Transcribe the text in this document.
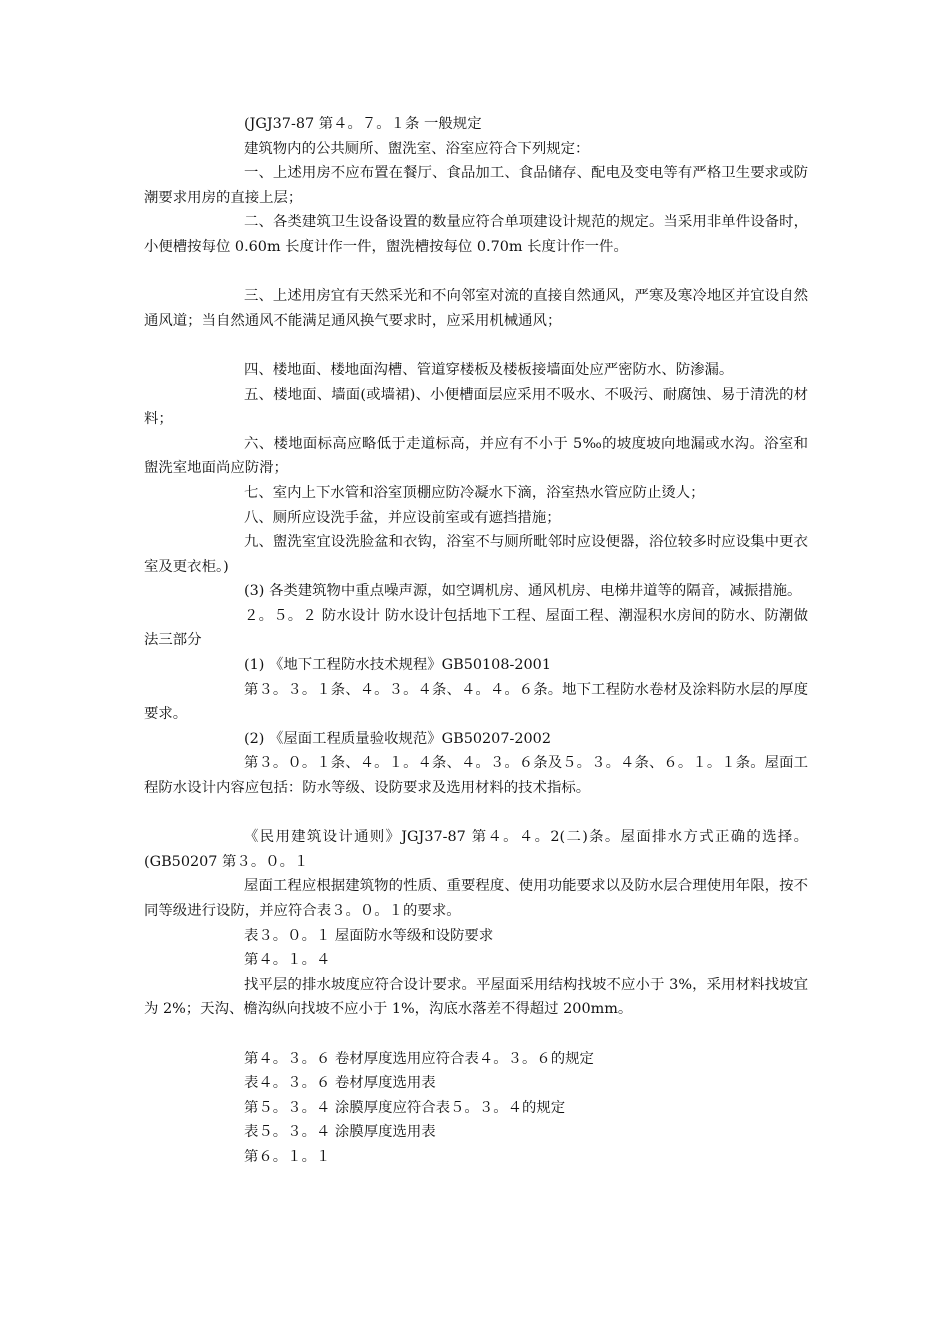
(JGJ37-87 第４。７。１条 一般规定

建筑物内的公共厕所、盥洗室、浴室应符合下列规定：

一、上述用房不应布置在餐厅、食品加工、食品储存、配电及变电等有严格卫生要求或防潮要求用房的直接上层；

二、各类建筑卫生设备设置的数量应符合单项建设计规范的规定。当采用非单件设备时，小便槽按每位 0.60m 长度计作一件，盥洗槽按每位 0.70m 长度计作一件。

三、上述用房宜有天然采光和不向邻室对流的直接自然通风，严寒及寒冷地区并宜设自然通风道；当自然通风不能满足通风换气要求时，应采用机械通风；

四、楼地面、楼地面沟槽、管道穿楼板及楼板接墙面处应严密防水、防渗漏。

五、楼地面、墙面(或墙裙)、小便槽面层应采用不吸水、不吸污、耐腐蚀、易于清洗的材料；

六、楼地面标高应略低于走道标高，并应有不小于 5‰的坡度坡向地漏或水沟。浴室和盥洗室地面尚应防滑；

七、室内上下水管和浴室顶棚应防冷凝水下滴，浴室热水管应防止烫人；

八、厕所应设洗手盆，并应设前室或有遮挡措施；

九、盥洗室宜设洗脸盆和衣钩，浴室不与厕所毗邻时应设便器，浴位较多时应设集中更衣室及更衣柜。)

(3) 各类建筑物中重点噪声源，如空调机房、通风机房、电梯井道等的隔音，减振措施。

２。５。２ 防水设计 防水设计包括地下工程、屋面工程、潮湿积水房间的防水、防潮做法三部分

(1) 《地下工程防水技术规程》GB50108-2001

第３。３。１条、４。３。４条、４。４。６条。地下工程防水卷材及涂料防水层的厚度要求。

(2) 《屋面工程质量验收规范》GB50207-2002

第３。０。１条、４。１。４条、４。３。６条及５。３。４条、６。１。１条。屋面工程防水设计内容应包括：防水等级、设防要求及选用材料的技术指标。

《民用建筑设计通则》JGJ37-87 第４。４。2(二)条。屋面排水方式正确的选择。(GB50207 第３。０。１

屋面工程应根据建筑物的性质、重要程度、使用功能要求以及防水层合理使用年限，按不同等级进行设防，并应符合表３。０。１的要求。

表３。０。１ 屋面防水等级和设防要求

第４。１。４

找平层的排水坡度应符合设计要求。平屋面采用结构找坡不应小于 3%，采用材料找坡宜为 2%；天沟、檐沟纵向找坡不应小于 1%，沟底水落差不得超过 200mm。

第４。３。６ 卷材厚度选用应符合表４。３。６的规定

表４。３。６ 卷材厚度选用表

第５。３。４ 涂膜厚度应符合表５。３。４的规定

表５。３。４ 涂膜厚度选用表

第６。１。１
